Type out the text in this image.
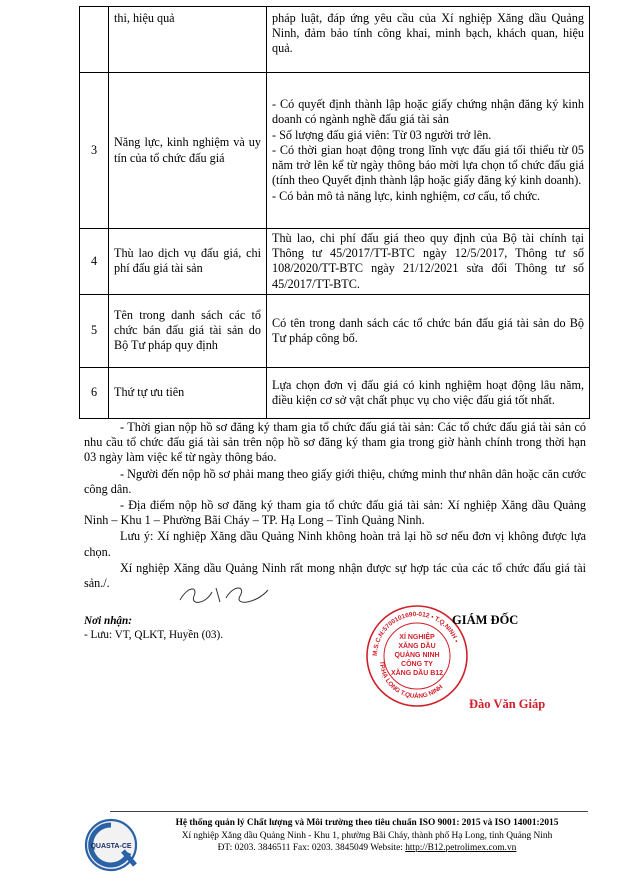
	thi, hiệu quả	pháp luật, đáp ứng yêu cầu của Xí nghiệp Xăng dầu Quảng Ninh, đảm bảo tính công khai, minh bạch, khách quan, hiệu quả.

3	Năng lực, kinh nghiệm và uy tín của tổ chức đấu giá	- Có quyết định thành lập hoặc giấy chứng nhận đăng ký kinh doanh có ngành nghề đấu giá tài sản
- Số lượng đấu giá viên: Từ 03 người trở lên.
- Có thời gian hoạt động trong lĩnh vực đấu giá tối thiểu từ 05 năm trở lên kể từ ngày thông báo mời lựa chọn tổ chức đấu giá (tính theo Quyết định thành lập hoặc giấy đăng ký kinh doanh).
- Có bản mô tả năng lực, kinh nghiệm, cơ cấu, tổ chức.

4	Thù lao dịch vụ đấu giá, chi phí đấu giá tài sản	Thù lao, chi phí đấu giá theo quy định của Bộ tài chính tại Thông tư 45/2017/TT-BTC ngày 12/5/2017, Thông tư số 108/2020/TT-BTC ngày 21/12/2021 sửa đổi Thông tư số 45/2017/TT-BTC.

5	Tên trong danh sách các tổ chức bán đấu giá tài sản do Bộ Tư pháp quy định	Có tên trong danh sách các tổ chức bán đấu giá tài sản do Bộ Tư pháp công bố.

6	Thứ tự ưu tiên	Lựa chọn đơn vị đấu giá có kinh nghiệm hoạt động lâu năm, điều kiện cơ sở vật chất phục vụ cho việc đấu giá tốt nhất.

- Thời gian nộp hồ sơ đăng ký tham gia tổ chức đấu giá tài sản: Các tổ chức đấu giá tài sản có nhu cầu tổ chức đấu giá tài sản trên nộp hồ sơ đăng ký tham gia trong giờ hành chính trong thời hạn 03 ngày làm việc kể từ ngày thông báo.

- Người đến nộp hồ sơ phải mang theo giấy giới thiệu, chứng minh thư nhân dân hoặc căn cước công dân.

- Địa điểm nộp hồ sơ đăng ký tham gia tổ chức đấu giá tài sản: Xí nghiệp Xăng dầu Quảng Ninh – Khu 1 – Phường Bãi Cháy – TP. Hạ Long – Tỉnh Quảng Ninh.

Lưu ý: Xí nghiệp Xăng dầu Quảng Ninh không hoàn trả lại hồ sơ nếu đơn vị không được lựa chọn.

Xí nghiệp Xăng dầu Quảng Ninh rất mong nhận được sự hợp tác của các tổ chức đấu giá tài sản./.

Nơi nhận:
- Lưu: VT, QLKT, Huyền (03).
M.S.C.N:5700101690-012 • T.Q.NINH •
TP.HẠ LONG T.QUẢNG NINH
XÍ NGHIỆP
XĂNG DẦU
QUẢNG NINH
CÔNG TY
XĂNG DẦU B12
GIÁM ĐỐC
Đào Văn Giáp
QUASTA-CE
Hệ thống quản lý Chất lượng và Môi trường theo tiêu chuẩn ISO 9001: 2015 và ISO 14001:2015
Xí nghiệp Xăng dầu Quảng Ninh - Khu 1, phường Bãi Cháy, thành phố Hạ Long, tỉnh Quảng Ninh
ĐT: 0203. 3846511 Fax: 0203. 3845049 Website: http://B12.petrolimex.com.vn
